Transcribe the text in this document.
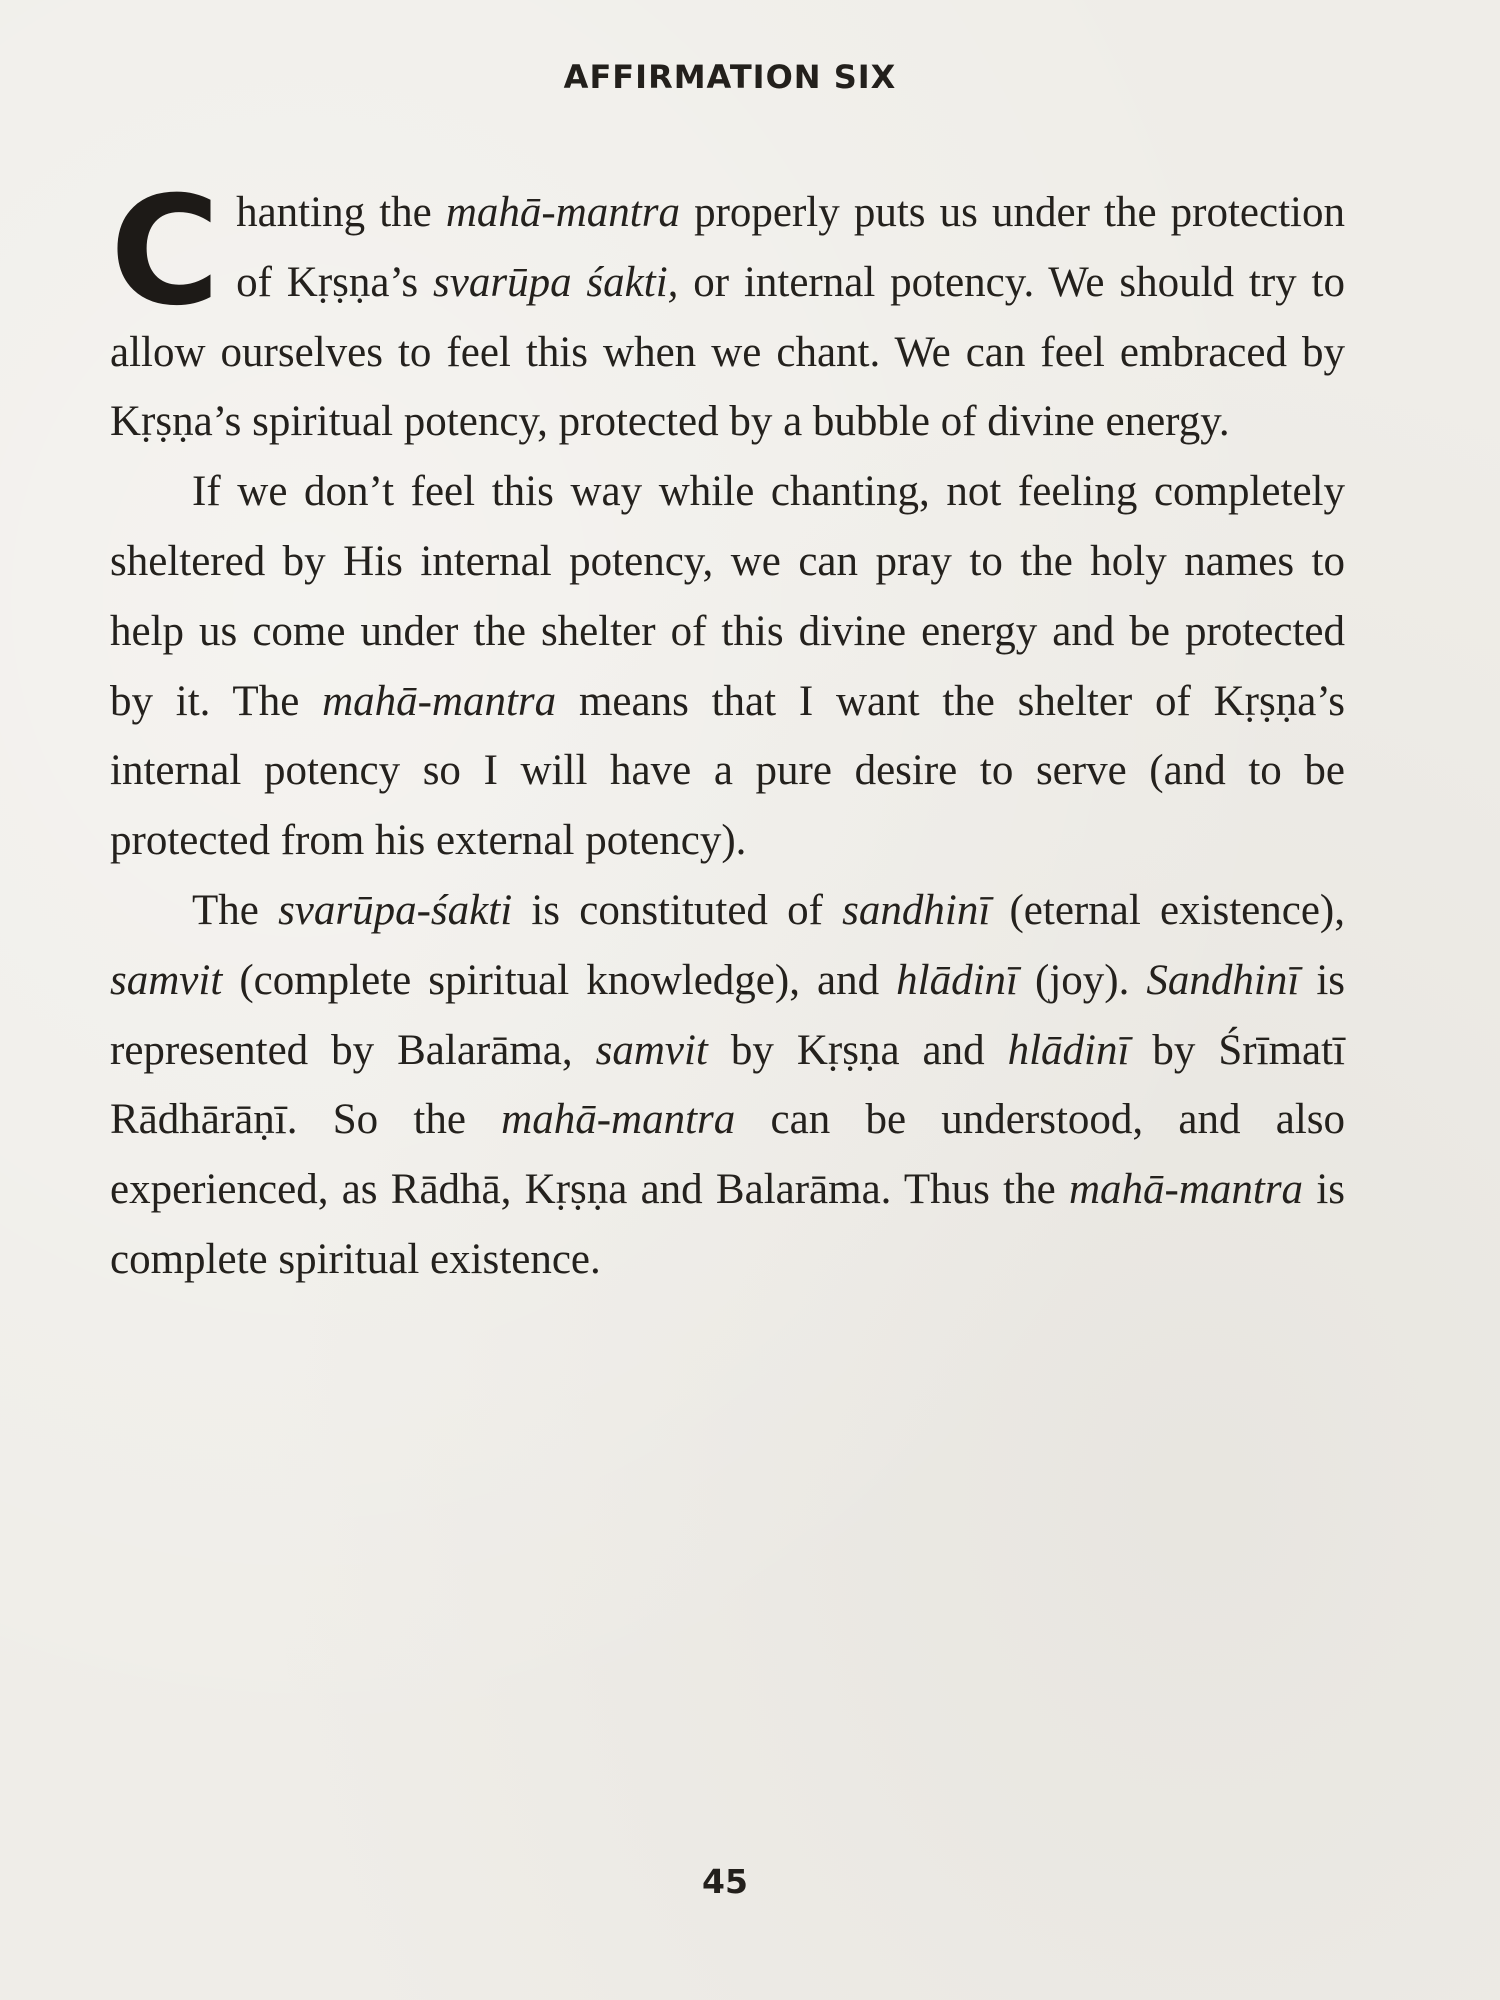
AFFIRMATION SIX

C hanting the mahā-mantra properly puts us under the protection of Kṛṣṇa’s svarūpa śakti, or internal potency. We should try to allow ourselves to feel this when we chant. We can feel embraced by Kṛṣṇa’s spiritual potency, protected by a bubble of divine energy.

If we don’t feel this way while chanting, not feeling completely sheltered by His internal potency, we can pray to the holy names to help us come under the shelter of this divine energy and be protected by it. The mahā-mantra means that I want the shelter of Kṛṣṇa’s internal potency so I will have a pure desire to serve (and to be protected from his external potency).

The svarūpa-śakti is constituted of sandhinī (eternal existence), samvit (complete spiritual knowledge), and hlādinī (joy). Sandhinī is represented by Balarāma, samvit by Kṛṣṇa and hlādinī by Śrīmatī Rādhārāṇī. So the mahā-mantra can be understood, and also experienced, as Rādhā, Kṛṣṇa and Balarāma. Thus the mahā-mantra is complete spiritual existence.

45
